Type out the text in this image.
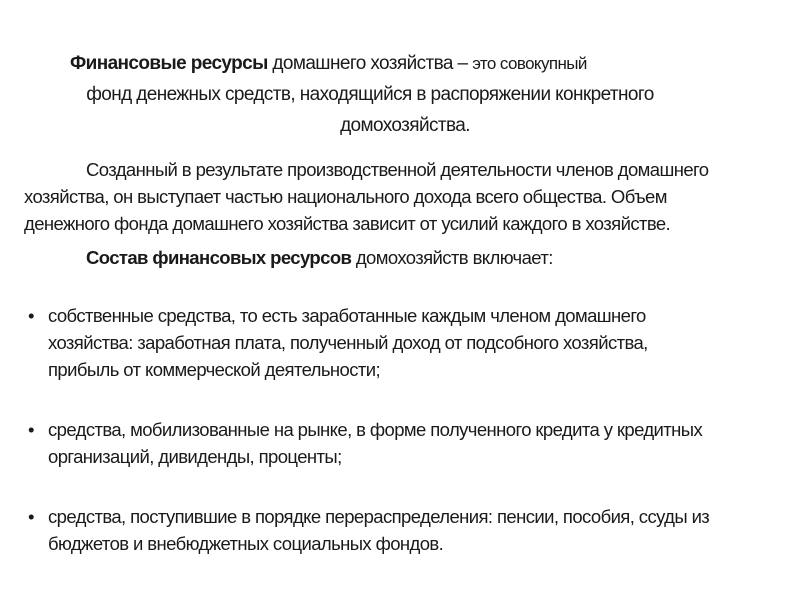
Финансовые ресурсы домашнего хозяйства – это совокупный
фонд денежных средств, находящийся в распоряжении конкретного
домохозяйства.
Созданный в результате производственной деятельности членов домашнего
хозяйства, он выступает частью национального дохода всего общества. Объем
денежного фонда домашнего хозяйства зависит от усилий каждого в хозяйстве.
Состав финансовых ресурсов домохозяйств включает:
• собственные средства, то есть заработанные каждым членом домашнего
хозяйства: заработная плата, полученный доход от подсобного хозяйства,
прибыль от коммерческой деятельности;
• средства, мобилизованные на рынке, в форме полученного кредита у кредитных
организаций, дивиденды, проценты;
• средства, поступившие в порядке перераспределения: пенсии, пособия, ссуды из
бюджетов и внебюджетных социальных фондов.
